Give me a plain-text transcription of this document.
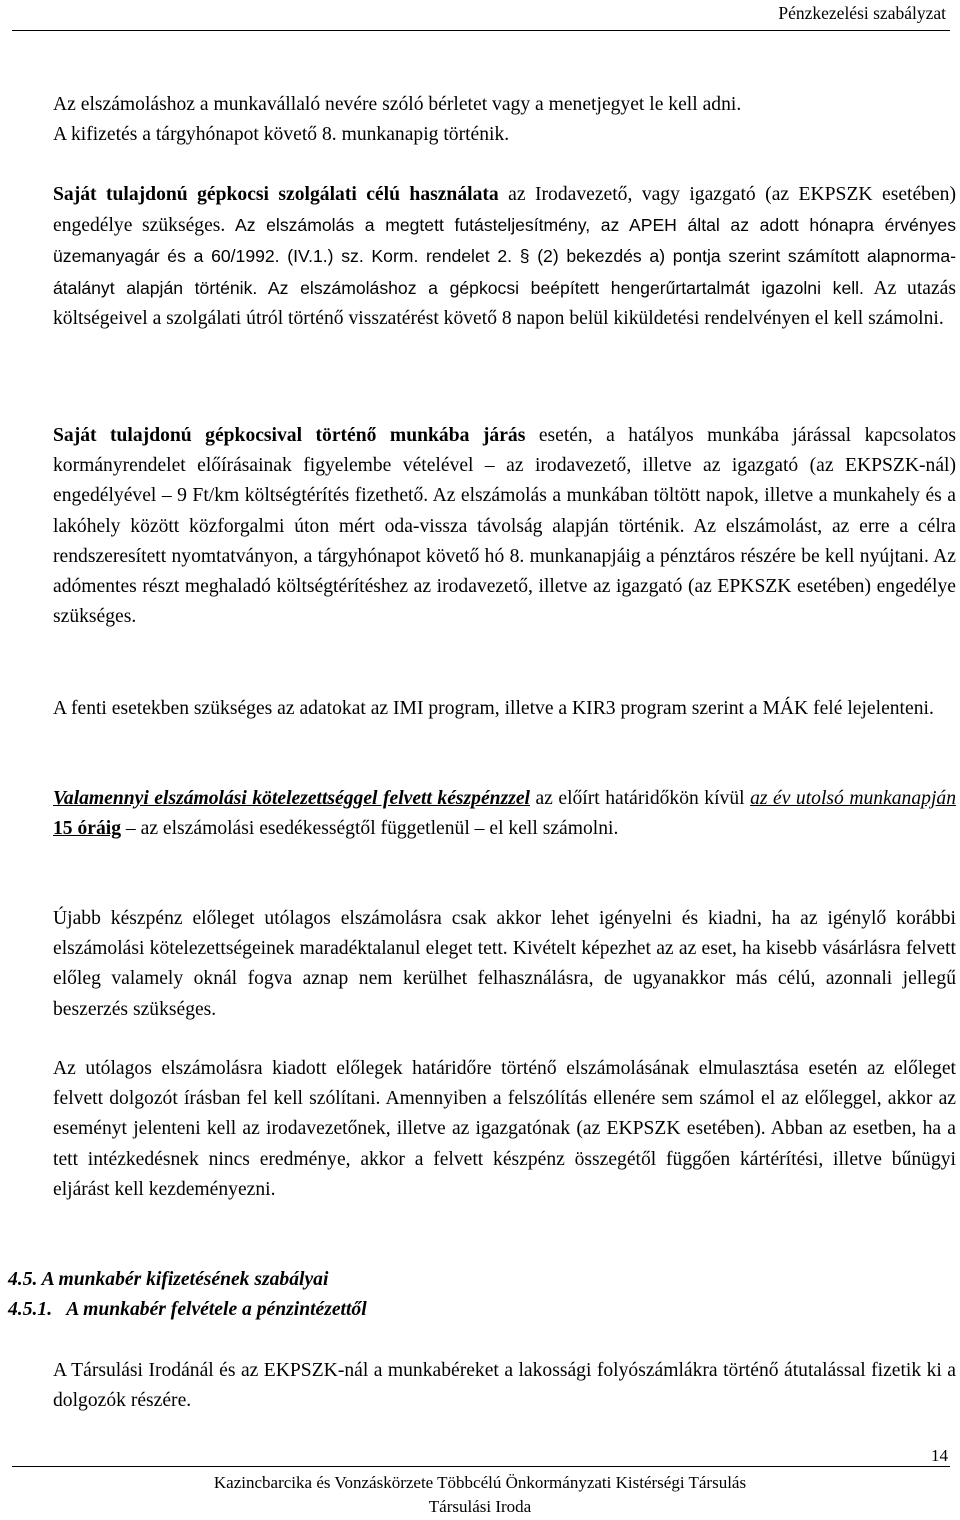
Pénzkezelési szabályzat

Az elszámoláshoz a munkavállaló nevére szóló bérletet vagy a menetjegyet le kell adni.

A kifizetés a tárgyhónapot követő 8. munkanapig történik.

Saját tulajdonú gépkocsi szolgálati célú használata az Irodavezető, vagy igazgató (az EKPSZK esetében) engedélye szükséges. Az elszámolás a megtett futásteljesítmény, az APEH által az adott hónapra érvényes üzemanyagár és a 60/1992. (IV.1.) sz. Korm. rendelet 2. § (2) bekezdés a) pontja szerint számított alapnorma-átalányt alapján történik. Az elszámoláshoz a gépkocsi beépített hengerűrtartalmát igazolni kell. Az utazás költségeivel a szolgálati útról történő visszatérést követő 8 napon belül kiküldetési rendelvényen el kell számolni.

Saját tulajdonú gépkocsival történő munkába járás esetén, a hatályos munkába járással kapcsolatos kormányrendelet előírásainak figyelembe vételével – az irodavezető, illetve az igazgató (az EKPSZK-nál) engedélyével – 9 Ft/km költségtérítés fizethető. Az elszámolás a munkában töltött napok, illetve a munkahely és a lakóhely között közforgalmi úton mért oda-vissza távolság alapján történik. Az elszámolást, az erre a célra rendszeresített nyomtatványon, a tárgyhónapot követő hó 8. munkanapjáig a pénztáros részére be kell nyújtani. Az adómentes részt meghaladó költségtérítéshez az irodavezető, illetve az igazgató (az EPKSZK esetében) engedélye szükséges.

A fenti esetekben szükséges az adatokat az IMI program, illetve a KIR3 program szerint a MÁK felé lejelenteni.

Valamennyi elszámolási kötelezettséggel felvett készpénzzel az előírt határidőkön kívül az év utolsó munkanapján 15 óráig – az elszámolási esedékességtől függetlenül – el kell számolni.

Újabb készpénz előleget utólagos elszámolásra csak akkor lehet igényelni és kiadni, ha az igénylő korábbi elszámolási kötelezettségeinek maradéktalanul eleget tett. Kivételt képezhet az az eset, ha kisebb vásárlásra felvett előleg valamely oknál fogva aznap nem kerülhet felhasználásra, de ugyanakkor más célú, azonnali jellegű beszerzés szükséges.

Az utólagos elszámolásra kiadott előlegek határidőre történő elszámolásának elmulasztása esetén az előleget felvett dolgozót írásban fel kell szólítani. Amennyiben a felszólítás ellenére sem számol el az előleggel, akkor az eseményt jelenteni kell az irodavezetőnek, illetve az igazgatónak (az EKPSZK esetében). Abban az esetben, ha a tett intézkedésnek nincs eredménye, akkor a felvett készpénz összegétől függően kártérítési, illetve bűnügyi eljárást kell kezdeményezni.

4.5. A munkabér kifizetésének szabályai
4.5.1. A munkabér felvétele a pénzintézettől

A Társulási Irodánál és az EKPSZK-nál a munkabéreket a lakossági folyószámlákra történő átutalással fizetik ki a dolgozók részére.

14
Kazincbarcika és Vonzáskörzete Többcélú Önkormányzati Kistérségi Társulás
Társulási Iroda
